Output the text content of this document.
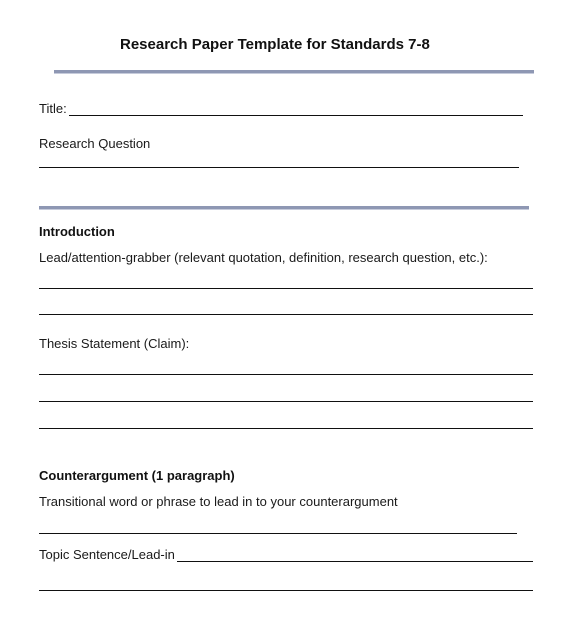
Research Paper Template for Standards 7-8
Title:
Research Question
Introduction
Lead/attention-grabber (relevant quotation, definition, research question, etc.):
Thesis Statement (Claim):
Counterargument (1 paragraph)
Transitional word or phrase to lead in to your counterargument
Topic Sentence/Lead-in
